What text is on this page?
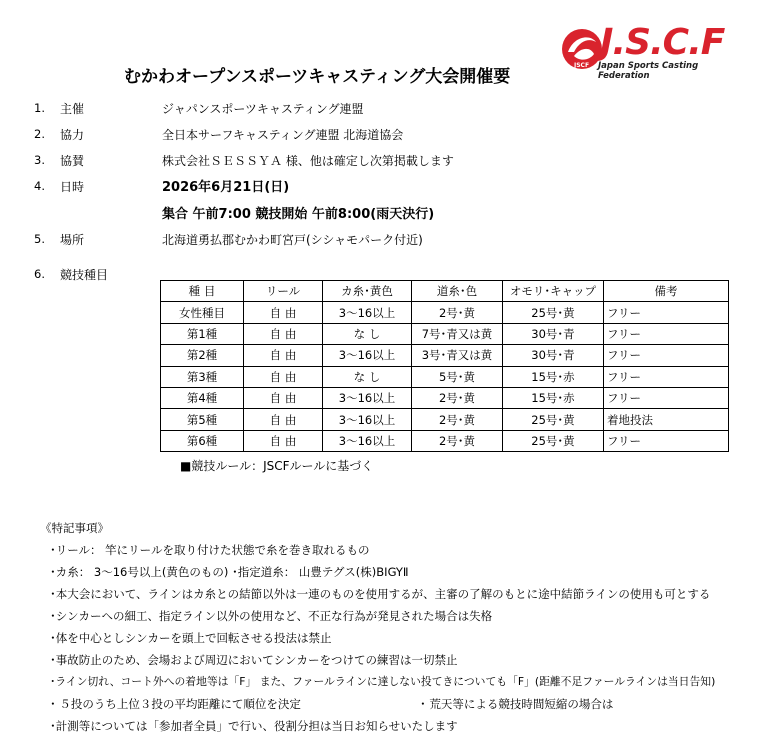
JSCF
J.S.C.F
Japan Sports Casting Federation
むかわオープンスポーツキャスティング大会開催要
1. 主催	ジャパンスポーツキャスティング連盟
2. 協力	全日本サーフキャスティング連盟 北海道協会
3. 協賛	株式会社ＳＥＳＳＹＡ 様、他は確定し次第掲載します
4. 日時	2026年6月21日(日)
集合 午前7:00 競技開始 午前8:00(雨天決行)
5. 場所	北海道勇払郡むかわ町宮戸(シシャモパーク付近)
6. 競技種目
種 目	リール	カ糸･黄色	道糸･色	オモリ･キャップ	備考
女性種目	自 由	3～16以上	2号･黄	25号･黄	フリー
第1種	自 由	な し	7号･青又は黄	30号･青	フリー
第2種	自 由	3～16以上	3号･青又は黄	30号･青	フリー
第3種	自 由	な し	5号･黄	15号･赤	フリー
第4種	自 由	3～16以上	2号･黄	15号･赤	フリー
第5種	自 由	3～16以上	2号･黄	25号･黄	着地投法
第6種	自 由	3～16以上	2号･黄	25号･黄	フリー
■競技ルール：JSCFルールに基づく
《特記事項》
･リール： 竿にリールを取り付けた状態で糸を巻き取れるもの
･カ糸： 3～16号以上(黄色のもの) ･指定道糸： 山豊テグス(株)BIGYⅡ
･本大会において、ラインはカ糸との結節以外は一連のものを使用するが、主審の了解のもとに途中結節ラインの使用も可とする
･シンカーへの細工、指定ライン以外の使用など、不正な行為が発見された場合は失格
･体を中心としシンカーを頭上で回転させる投法は禁止
･事故防止のため、会場および周辺においてシンカーをつけての練習は一切禁止
･ライン切れ、コート外への着地等は「F」 また、ファールラインに達しない投てきについても「F」(距離不足ファールラインは当日告知)
･ ５投のうち上位３投の平均距離にて順位を決定	･ 荒天等による競技時間短縮の場合は
･計測等については「参加者全員」で行い、役割分担は当日お知らせいたします
